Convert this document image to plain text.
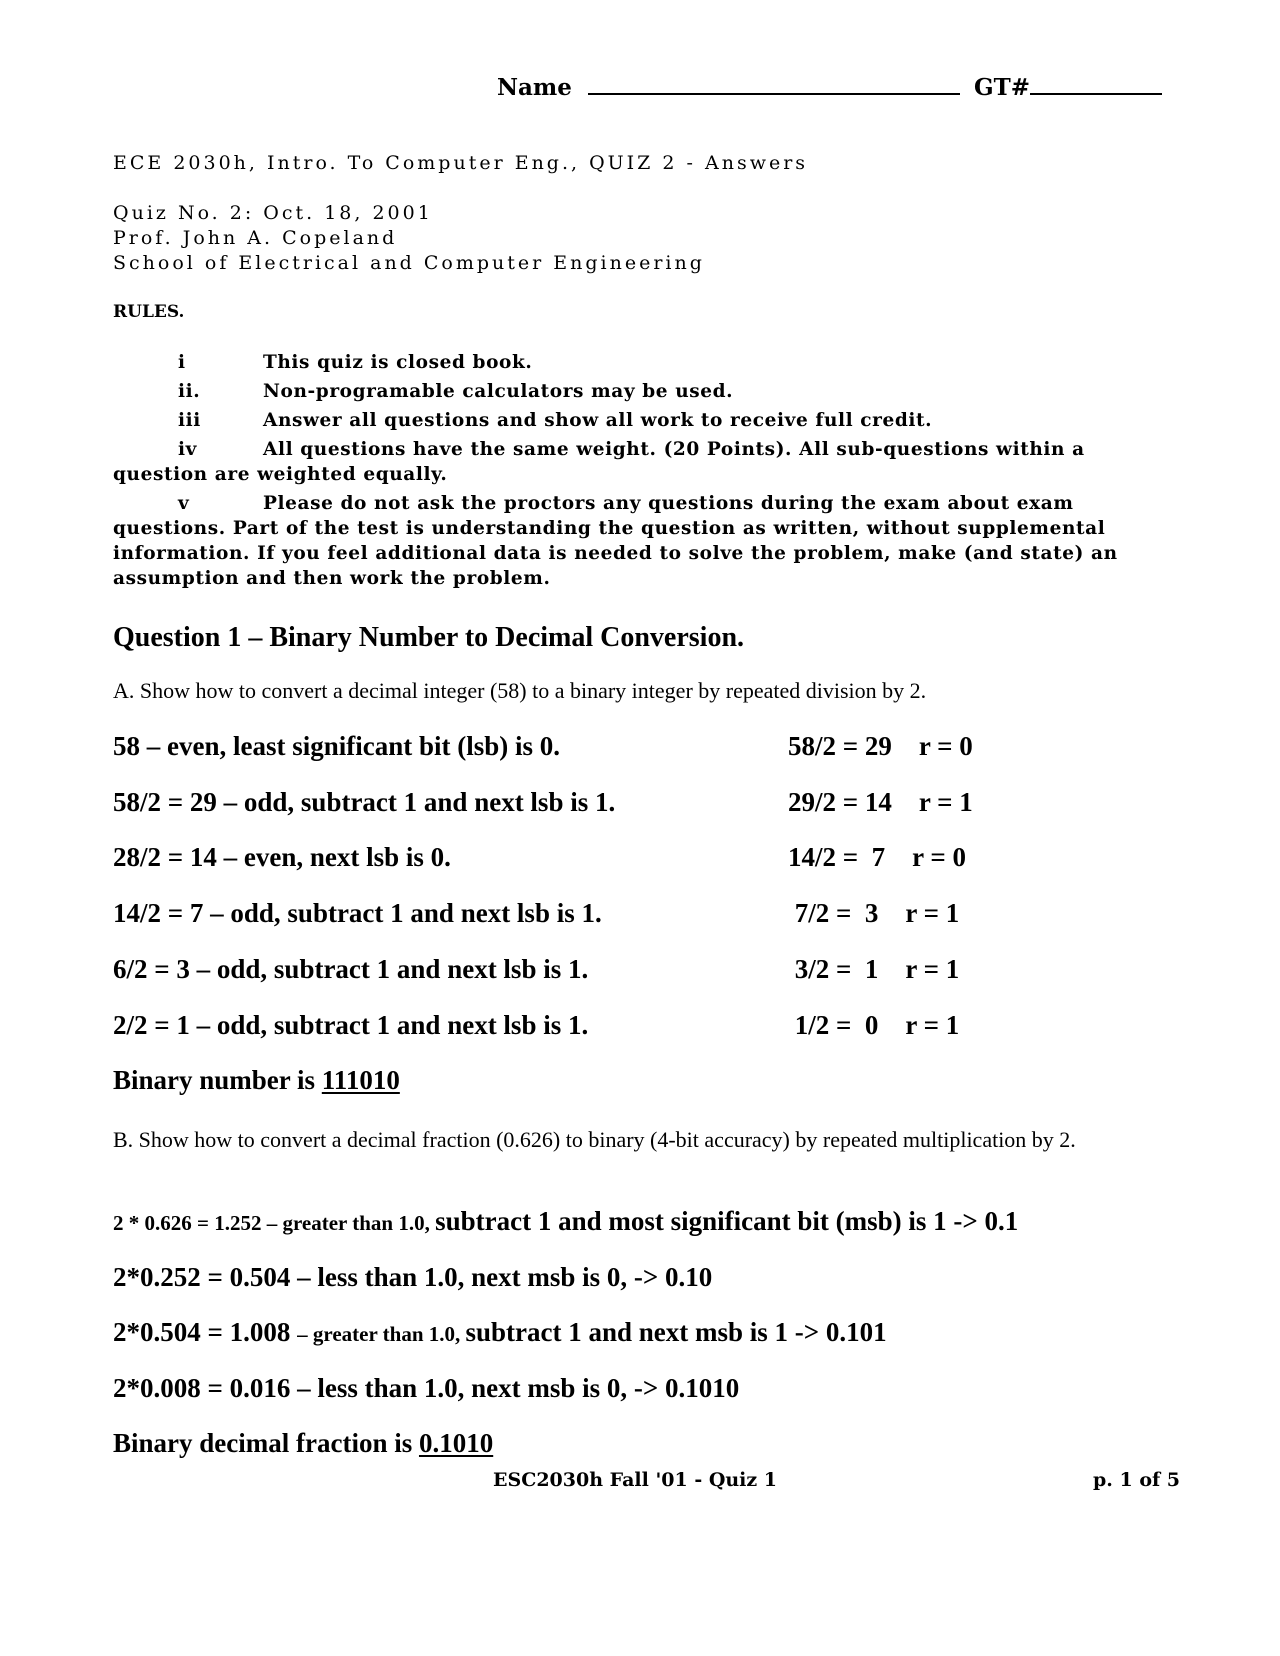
Name	GT#
ECE 2030h, Intro. To Computer Eng., QUIZ 2 - Answers
Quiz No. 2: Oct. 18, 2001
Prof. John A. Copeland
School of Electrical and Computer Engineering
RULES.
i	This quiz is closed book.
ii.	Non-programable calculators may be used.
iii	Answer all questions and show all work to receive full credit.
iv	All questions have the same weight. (20 Points). All sub-questions within a
question are weighted equally.
v	Please do not ask the proctors any questions during the exam about exam
questions. Part of the test is understanding the question as written, without supplemental
information. If you feel additional data is needed to solve the problem, make (and state) an
assumption and then work the problem.
Question 1 – Binary Number to Decimal Conversion.
A. Show how to convert a decimal integer (58) to a binary integer by repeated division by 2.
58 – even, least significant bit (lsb) is 0.	58/2 = 29    r = 0
58/2 = 29 – odd, subtract 1 and next lsb is 1.	29/2 = 14    r = 1
28/2 = 14 – even, next lsb is 0.	14/2 =  7    r = 0
14/2 = 7 – odd, subtract 1 and next lsb is 1.	7/2 =  3    r = 1
6/2 = 3 – odd, subtract 1 and next lsb is 1.	3/2 =  1    r = 1
2/2 = 1 – odd, subtract 1 and next lsb is 1.	1/2 =  0    r = 1
Binary number is 111010
B. Show how to convert a decimal fraction (0.626) to binary (4-bit accuracy) by repeated multiplication by 2.
2 * 0.626 = 1.252 – greater than 1.0, subtract 1 and most significant bit (msb) is 1 -> 0.1
2*0.252 = 0.504 – less than 1.0, next msb is 0, -> 0.10
2*0.504 = 1.008 – greater than 1.0, subtract 1 and next msb is 1 -> 0.101
2*0.008 = 0.016 – less than 1.0, next msb is 0, -> 0.1010
Binary decimal fraction is 0.1010
ESC2030h Fall '01 - Quiz 1	p. 1 of 5
